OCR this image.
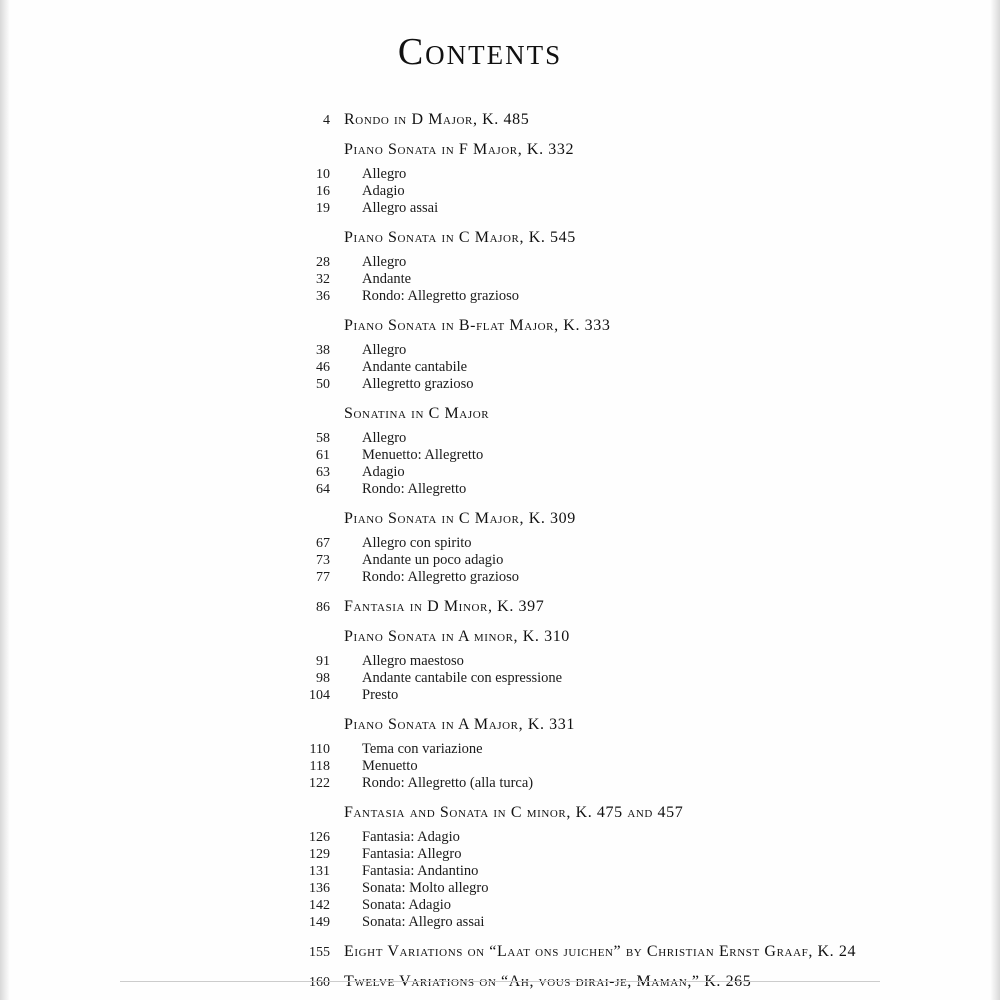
Contents
4 Rondo in D Major, K. 485
Piano Sonata in F Major, K. 332
10	Allegro
16	Adagio
19	Allegro assai
Piano Sonata in C Major, K. 545
28	Allegro
32	Andante
36	Rondo: Allegretto grazioso
Piano Sonata in B-flat Major, K. 333
38	Allegro
46	Andante cantabile
50	Allegretto grazioso
Sonatina in C Major
58	Allegro
61	Menuetto: Allegretto
63	Adagio
64	Rondo: Allegretto
Piano Sonata in C Major, K. 309
67	Allegro con spirito
73	Andante un poco adagio
77	Rondo: Allegretto grazioso
86 Fantasia in D Minor, K. 397
Piano Sonata in A minor, K. 310
91	Allegro maestoso
98	Andante cantabile con espressione
104	Presto
Piano Sonata in A Major, K. 331
110	Tema con variazione
118	Menuetto
122	Rondo: Allegretto (alla turca)
Fantasia and Sonata in C minor, K. 475 and 457
126	Fantasia: Adagio
129	Fantasia: Allegro
131	Fantasia: Andantino
136	Sonata: Molto allegro
142	Sonata: Adagio
149	Sonata: Allegro assai
155 Eight Variations on “Laat ons juichen” by Christian Ernst Graaf, K. 24
160 Twelve Variations on “Ah, vous dirai-je, Maman,” K. 265
